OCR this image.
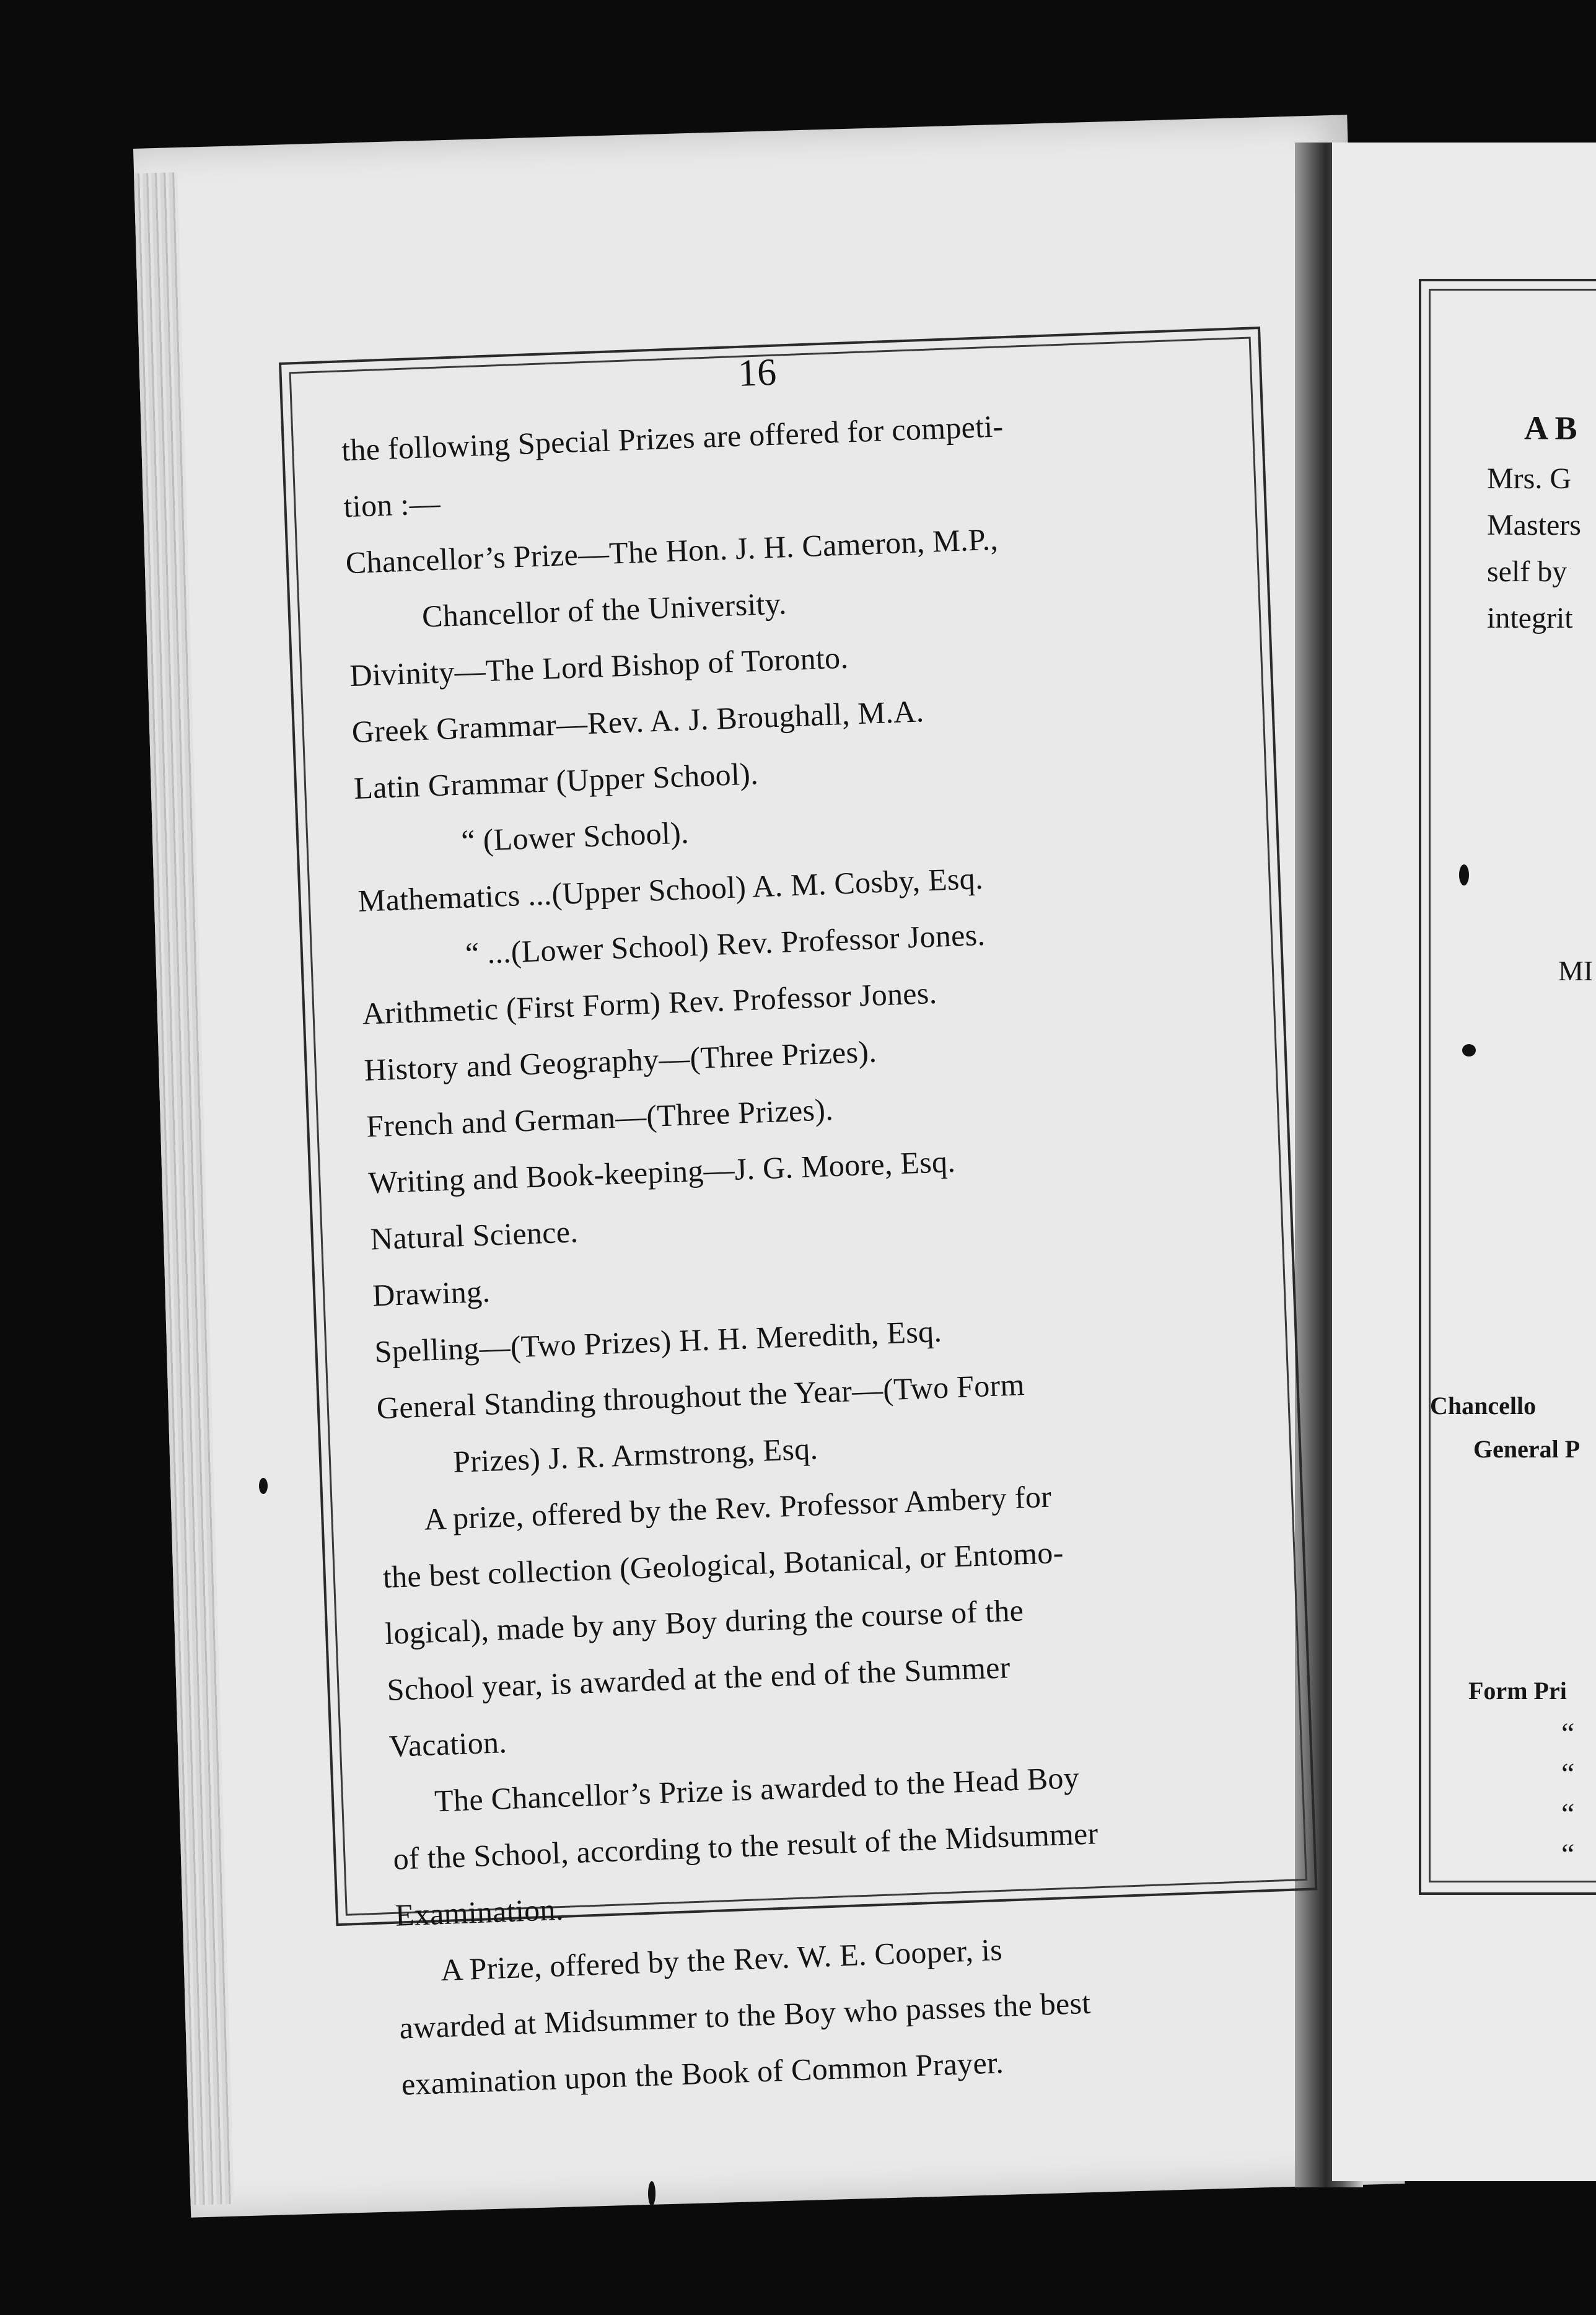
A B
Mrs. G
Masters
self by
integrit
MI
Chancello
General P
Form Pri
“
“
“
“
16
the following Special Prizes are offered for competi-
tion :—
Chancellor’s Prize—The Hon. J. H. Cameron, M.P.,
Chancellor of the University.
Divinity—The Lord Bishop of Toronto.
Greek Grammar—Rev. A. J. Broughall, M.A.
Latin Grammar (Upper School).
“ (Lower School).
Mathematics ...(Upper School) A. M. Cosby, Esq.
“ ...(Lower School) Rev. Professor Jones.
Arithmetic (First Form) Rev. Professor Jones.
History and Geography—(Three Prizes).
French and German—(Three Prizes).
Writing and Book-keeping—J. G. Moore, Esq.
Natural Science.
Drawing.
Spelling—(Two Prizes) H. H. Meredith, Esq.
General Standing throughout the Year—(Two Form
Prizes) J. R. Armstrong, Esq.
A prize, offered by the Rev. Professor Ambery for
the best collection (Geological, Botanical, or Entomo-
logical), made by any Boy during the course of the
School year, is awarded at the end of the Summer
Vacation.
The Chancellor’s Prize is awarded to the Head Boy
of the School, according to the result of the Midsummer
Examination.
A Prize, offered by the Rev. W. E. Cooper, is
awarded at Midsummer to the Boy who passes the best
examination upon the Book of Common Prayer.
